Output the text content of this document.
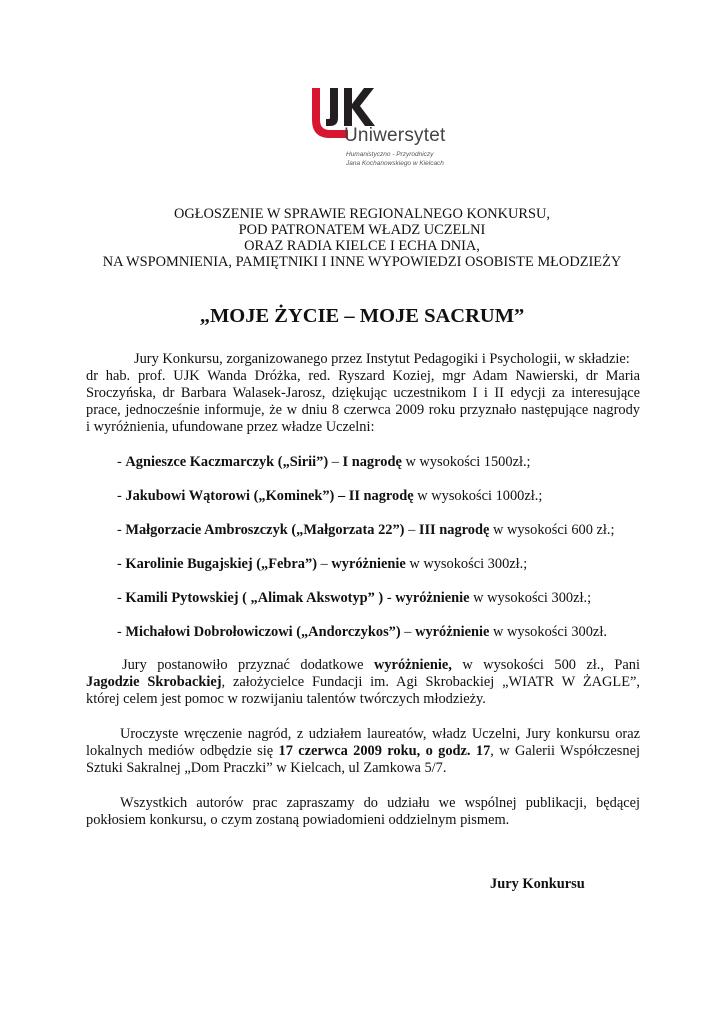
Uniwersytet
Humanistyczno - Przyrodniczy
Jana Kochanowskiego w Kielcach
OGŁOSZENIE W SPRAWIE REGIONALNEGO KONKURSU,
POD PATRONATEM WŁADZ UCZELNI
ORAZ RADIA KIELCE I ECHA DNIA,
NA WSPOMNIENIA, PAMIĘTNIKI I INNE WYPOWIEDZI OSOBISTE MŁODZIEŻY
„MOJE ŻYCIE – MOJE SACRUM”
Jury Konkursu, zorganizowanego przez Instytut Pedagogiki i Psychologii, w składzie:
dr hab. prof. UJK Wanda Dróżka, red. Ryszard Koziej, mgr Adam Nawierski, dr Maria
Sroczyńska, dr Barbara Walasek-Jarosz, dziękując uczestnikom I i II edycji za interesujące
prace, jednocześnie informuje, że w dniu 8 czerwca 2009 roku przyznało następujące nagrody
i wyróżnienia, ufundowane przez władze Uczelni:
- Agnieszce Kaczmarczyk („Sirii”) – I nagrodę w wysokości 1500zł.;
- Jakubowi Wątorowi („Kominek”) – II nagrodę w wysokości 1000zł.;
- Małgorzacie Ambroszczyk („Małgorzata 22”) – III nagrodę w wysokości 600 zł.;
- Karolinie Bugajskiej („Febra”) – wyróżnienie w wysokości 300zł.;
- Kamili Pytowskiej ( „Alimak Akswotyp” ) - wyróżnienie w wysokości 300zł.;
- Michałowi Dobrołowiczowi („Andorczykos”) – wyróżnienie w wysokości 300zł.
Jury postanowiło przyznać dodatkowe wyróżnienie, w wysokości 500 zł., Pani
Jagodzie Skrobackiej, założycielce Fundacji im. Agi Skrobackiej „WIATR W ŻAGLE”,
której celem jest pomoc w rozwijaniu talentów twórczych młodzieży.
Uroczyste wręczenie nagród, z udziałem laureatów, władz Uczelni, Jury konkursu oraz
lokalnych mediów odbędzie się 17 czerwca 2009 roku, o godz. 17, w Galerii Współczesnej
Sztuki Sakralnej „Dom Praczki” w Kielcach, ul Zamkowa 5/7.
Wszystkich autorów prac zapraszamy do udziału we wspólnej publikacji, będącej
pokłosiem konkursu, o czym zostaną powiadomieni oddzielnym pismem.
Jury Konkursu
